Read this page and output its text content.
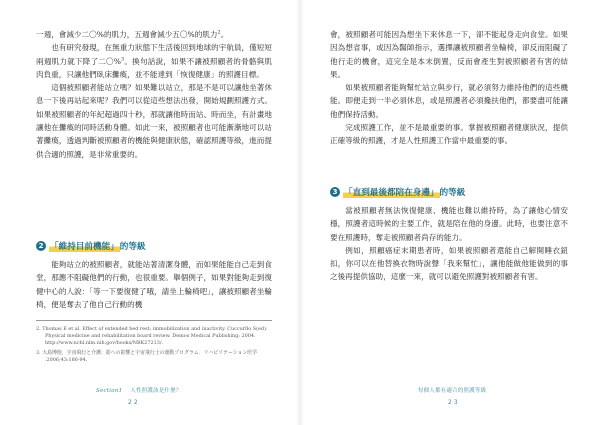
一週，會減少二〇%的肌力，五週會減少五〇%的肌力$^2$。

也有研究發現，在無重力狀態下生活後回到地球的宇航員，僅短短兩週肌力就下降了二〇%$^3$。換句話說，如果不讓被照顧者的骨骼與肌肉負重，只讓他們臥床攤瘓，並不能達到「恢復健康」的照護目標。

這個被照顧者能站立嗎？如果難以站立，那是不是可以讓他坐著休息一下後再站起來呢？我們可以從這些想法出發，開始規劃照護方式。如果被照顧者的年紀超過四十秒，那就讓他時而站、時而坐，有計畫地讓他在攤瘓的同時活動身體。如此一來，被照顧者也可能漸漸地可以站著攤瘓，透過判斷被照顧者的機能與健康狀態，確認照護等級，進而提供合適的照護，是非常重要的。

2 「維持目前機能」 的等級

能夠站立的被照顧者，就能站著清潔身體，而如果能能自己走到食堂，那應不阻礙他們的行動，也很重要。舉個例子，如果對能夠走到復健中心的人說：「等一下要復健了哦，請坐上輪椅吧」，讓被照顧者坐輪椅，便是奪去了他自己行動的機

2. Thomas E et al. Effect of extended bed rest; immobilization and inactivity. Cuccurllo S(ed). Physical medicine and rehabilitation board review. Demos Medical Publishing: 2004. http://www.ncbi.nlm.nih.gov/books/NBK27213/.

3. 大島博他．宇宙飛行と介護：筋への影響と宇宙飛行士の運動プログラム．リハビリテーション医学 .2006;43:186-94.

Section1 人性照護該是什麼？
22

會，被照顧者可能因為想坐下來休息一下，卻不能起身走向食堂。如果因為想省事，或因為醫師指示，選擇讓被照顧者坐輪椅，卻反而阻礙了他行走的機會，這完全是本末倒置，反而會產生對被照顧者有害的結果。

如果被照顧者能夠幫忙站立與步行，就必須努力維持他們的這些機能。即便走到一半必須休息，或是照護者必須攙扶他們，都要盡可能讓他們保持活動。

完成照護工作，並不是最重要的事。掌握被照顧者健康狀況，提供正確等級的照護，才是人性照護工作當中最重要的事。

3 「直到最後都陪在身邊」 的等級

當被照顧者無法恢復健康、機能也難以維持時，為了讓他心情安穩，照護者這時候的主要工作，就是陪在他的身邊。此時，也要注意不要在照護時，奪走被照顧者尚存的能力。

例如，照顧癌症末期患者時，如果被照顧者還能自己解開睡衣鈕扣，你可以在他替換衣物時說聲「我來幫忙」，讓他能做他能做到的事之後再提供協助，這麼一來，就可以避免照護對被照顧者有害。

每個人都有適合的照護等級
23
